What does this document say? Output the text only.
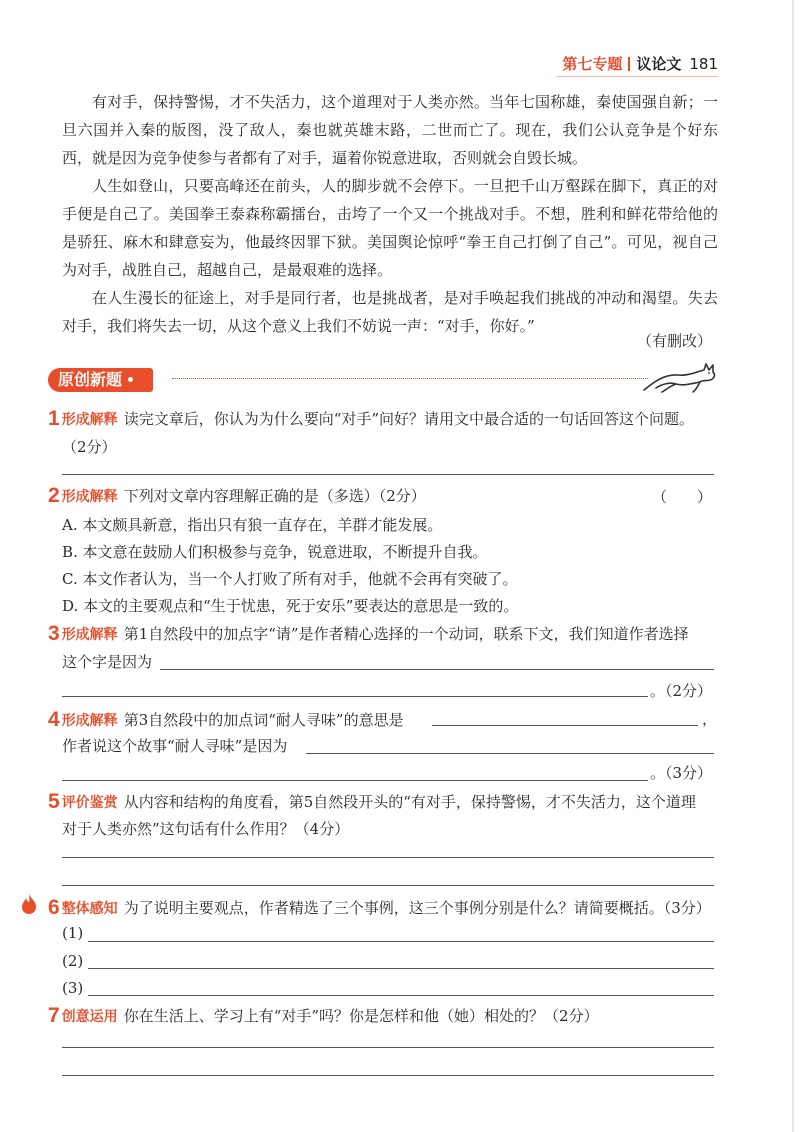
第七专题 议论文 181

有对手，保持警惕，才不失活力，这个道理对于人类亦然。当年七国称雄，秦使国强自新；一旦六国并入秦的版图，没了敌人，秦也就英雄末路，二世而亡了。现在，我们公认竞争是个好东西，就是因为竞争使参与者都有了对手，逼着你锐意进取，否则就会自毁长城。

人生如登山，只要高峰还在前头，人的脚步就不会停下。一旦把千山万壑踩在脚下，真正的对手便是自己了。美国拳王泰森称霸擂台，击垮了一个又一个挑战对手。不想，胜利和鲜花带给他的是骄狂、麻木和肆意妄为，他最终因罪下狱。美国舆论惊呼“拳王自己打倒了自己”。可见，视自己为对手，战胜自己，超越自己，是最艰难的选择。

在人生漫长的征途上，对手是同行者，也是挑战者，是对手唤起我们挑战的冲动和渴望。失去对手，我们将失去一切，从这个意义上我们不妨说一声：“对手，你好。”

（有删改）
原创新题
1 形成解释 读完文章后，你认为为什么要向“对手”问好？请用文中最合适的一句话回答这个问题。
（2分）
2 形成解释 下列对文章内容理解正确的是（多选）（2分）	（　　）
A. 本文颇具新意，指出只有狼一直存在，羊群才能发展。
B. 本文意在鼓励人们积极参与竞争，锐意进取，不断提升自我。
C. 本文作者认为，当一个人打败了所有对手，他就不会再有突破了。
D. 本文的主要观点和“生于忧患，死于安乐”要表达的意思是一致的。
3 形成解释 第1自然段中的加点字“请”是作者精心选择的一个动词，联系下文，我们知道作者选择
这个字是因为
。（2分）
4 形成解释 第3自然段中的加点词“耐人寻味”的意思是	，
作者说这个故事“耐人寻味”是因为
。（3分）
5 评价鉴赏 从内容和结构的角度看，第5自然段开头的“有对手，保持警惕，才不失活力，这个道理
对于人类亦然”这句话有什么作用？（4分）
6 整体感知 为了说明主要观点，作者精选了三个事例，这三个事例分别是什么？请简要概括。（3分）
(1)
(2)
(3)
7 创意运用 你在生活上、学习上有“对手”吗？你是怎样和他（她）相处的？（2分）
